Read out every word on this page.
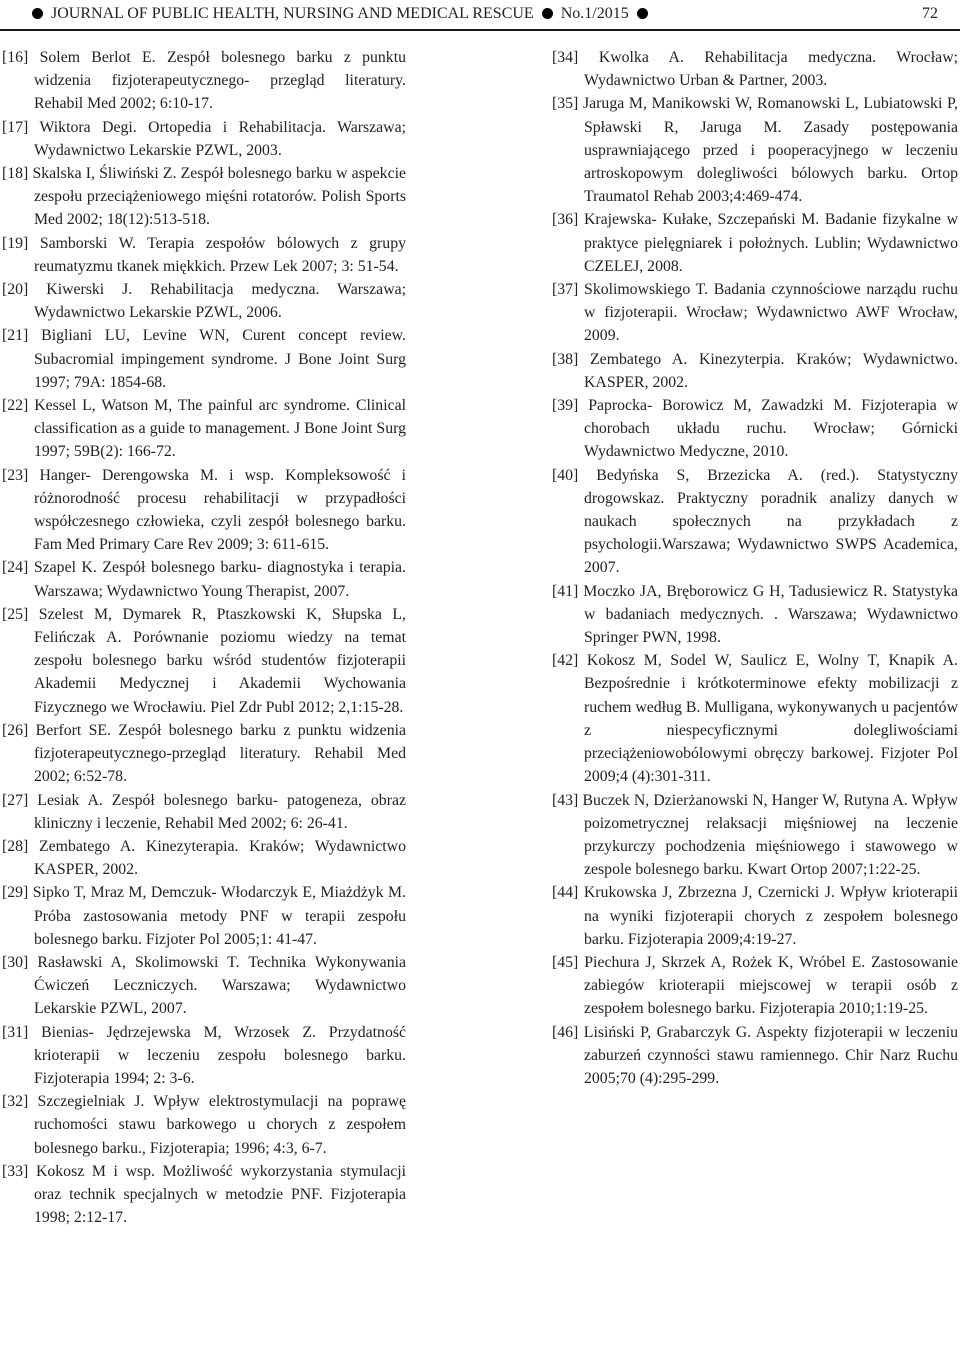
JOURNAL OF PUBLIC HEALTH, NURSING AND MEDICAL RESCUE No.1/2015	72
[16] Solem Berlot E. Zespół bolesnego barku z punktu widzenia fizjoterapeutycznego- przegląd literatury. Rehabil Med 2002; 6:10-17.
[17] Wiktora Degi. Ortopedia i Rehabilitacja. Warszawa; Wydawnictwo Lekarskie PZWL, 2003.
[18] Skalska I, Śliwiński Z. Zespół bolesnego barku w aspekcie zespołu przeciążeniowego mięśni rotatorów. Polish Sports Med 2002; 18(12):513-518.
[19] Samborski W. Terapia zespołów bólowych z grupy reumatyzmu tkanek miękkich. Przew Lek 2007; 3: 51-54.
[20] Kiwerski J. Rehabilitacja medyczna. Warszawa; Wydawnictwo Lekarskie PZWL, 2006.
[21] Bigliani LU, Levine WN, Curent concept review. Subacromial impingement syndrome. J Bone Joint Surg 1997; 79A: 1854-68.
[22] Kessel L, Watson M, The painful arc syndrome. Clinical classification as a guide to management. J Bone Joint Surg 1997; 59B(2): 166-72.
[23] Hanger- Derengowska M. i wsp. Kompleksowość i różnorodność procesu rehabilitacji w przypadłości współczesnego człowieka, czyli zespół bolesnego barku. Fam Med Primary Care Rev 2009; 3: 611-615.
[24] Szapel K. Zespół bolesnego barku- diagnostyka i terapia. Warszawa; Wydawnictwo Young Therapist, 2007.
[25] Szelest M, Dymarek R, Ptaszkowski K, Słupska L, Felińczak A. Porównanie poziomu wiedzy na temat zespołu bolesnego barku wśród studentów fizjoterapii Akademii Medycznej i Akademii Wychowania Fizycznego we Wrocławiu. Piel Zdr Publ 2012; 2,1:15-28.
[26] Berfort SE. Zespół bolesnego barku z punktu widzenia fizjoterapeutycznego-przegląd literatury. Rehabil Med 2002; 6:52-78.
[27] Lesiak A. Zespół bolesnego barku- patogeneza, obraz kliniczny i leczenie, Rehabil Med 2002; 6: 26-41.
[28] Zembatego A. Kinezyterapia. Kraków; Wydawnictwo KASPER, 2002.
[29] Sipko T, Mraz M, Demczuk- Włodarczyk E, Miażdżyk M. Próba zastosowania metody PNF w terapii zespołu bolesnego barku. Fizjoter Pol 2005;1: 41-47.
[30] Rasławski A, Skolimowski T. Technika Wykonywania Ćwiczeń Leczniczych. Warszawa; Wydawnictwo Lekarskie PZWL, 2007.
[31] Bienias- Jędrzejewska M, Wrzosek Z. Przydatność krioterapii w leczeniu zespołu bolesnego barku. Fizjoterapia 1994; 2: 3-6.
[32] Szczegielniak J. Wpływ elektrostymulacji na poprawę ruchomości stawu barkowego u chorych z zespołem bolesnego barku., Fizjoterapia; 1996; 4:3, 6-7.
[33] Kokosz M i wsp. Możliwość wykorzystania stymulacji oraz technik specjalnych w metodzie PNF. Fizjoterapia 1998; 2:12-17.
[34] Kwolka A. Rehabilitacja medyczna. Wrocław; Wydawnictwo Urban & Partner, 2003.
[35] Jaruga M, Manikowski W, Romanowski L, Lubiatowski P, Spławski R, Jaruga M. Zasady postępowania usprawniającego przed i pooperacyjnego w leczeniu artroskopowym dolegliwości bólowych barku. Ortop Traumatol Rehab 2003;4:469-474.
[36] Krajewska- Kułake, Szczepański M. Badanie fizykalne w praktyce pielęgniarek i położnych. Lublin; Wydawnictwo CZELEJ, 2008.
[37] Skolimowskiego T. Badania czynnościowe narządu ruchu w fizjoterapii. Wrocław; Wydawnictwo AWF Wrocław, 2009.
[38] Zembatego A. Kinezyterpia. Kraków; Wydawnictwo. KASPER, 2002.
[39] Paprocka- Borowicz M, Zawadzki M. Fizjoterapia w chorobach układu ruchu. Wrocław; Górnicki Wydawnictwo Medyczne, 2010.
[40] Bedyńska S, Brzezicka A. (red.). Statystyczny drogowskaz. Praktyczny poradnik analizy danych w naukach społecznych na przykładach z psychologii.Warszawa; Wydawnictwo SWPS Academica, 2007.
[41] Moczko JA, Bręborowicz G H, Tadusiewicz R. Statystyka w badaniach medycznych. . Warszawa; Wydawnictwo Springer PWN, 1998.
[42] Kokosz M, Sodel W, Saulicz E, Wolny T, Knapik A. Bezpośrednie i krótkoterminowe efekty mobilizacji z ruchem według B. Mulligana, wykonywanych u pacjentów z niespecyficznymi dolegliwościami przeciążeniowobólowymi obręczy barkowej. Fizjoter Pol 2009;4 (4):301-311.
[43] Buczek N, Dzierżanowski N, Hanger W, Rutyna A. Wpływ poizometrycznej relaksacji mięśniowej na leczenie przykurczy pochodzenia mięśniowego i stawowego w zespole bolesnego barku. Kwart Ortop 2007;1:22-25.
[44] Krukowska J, Zbrzezna J, Czernicki J. Wpływ krioterapii na wyniki fizjoterapii chorych z zespołem bolesnego barku. Fizjoterapia 2009;4:19-27.
[45] Piechura J, Skrzek A, Rożek K, Wróbel E. Zastosowanie zabiegów krioterapii miejscowej w terapii osób z zespołem bolesnego barku. Fizjoterapia 2010;1:19-25.
[46] Lisiński P, Grabarczyk G. Aspekty fizjoterapii w leczeniu zaburzeń czynności stawu ramiennego. Chir Narz Ruchu 2005;70 (4):295-299.
